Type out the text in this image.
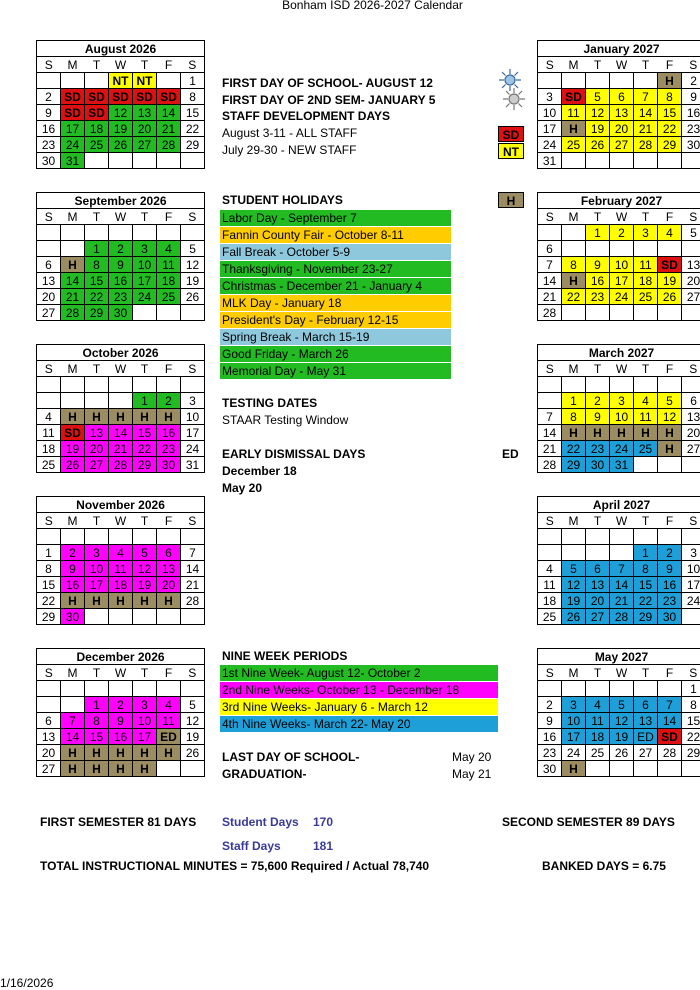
Bonham ISD 2026-2027 Calendar
August 2026						
S	M	T	W	T	F	S
			NT	NT		1
2	SD	SD	SD	SD	SD	8
9	SD	SD	12	13	14	15
16	17	18	19	20	21	22
23	24	25	26	27	28	29
30	31					
September 2026						
S	M	T	W	T	F	S

		1	2	3	4	5
6	H	8	9	10	11	12
13	14	15	16	17	18	19
20	21	22	23	24	25	26
27	28	29	30			
October 2026						
S	M	T	W	T	F	S

				1	2	3
4	H	H	H	H	H	10
11	SD	13	14	15	16	17
18	19	20	21	22	23	24
25	26	27	28	29	30	31
November 2026						
S	M	T	W	T	F	S

1	2	3	4	5	6	7
8	9	10	11	12	13	14
15	16	17	18	19	20	21
22	H	H	H	H	H	28
29	30					
December 2026						
S	M	T	W	T	F	S

		1	2	3	4	5
6	7	8	9	10	11	12
13	14	15	16	17	ED	19
20	H	H	H	H	H	26
27	H	H	H	H		
January 2027						
S	M	T	W	T	F	S
					H	2
3	SD	5	6	7	8	9
10	11	12	13	14	15	16
17	H	19	20	21	22	23
24	25	26	27	28	29	30
31						
February 2027						
S	M	T	W	T	F	S
		1	2	3	4	5
6						
7	8	9	10	11	SD	13
14	H	16	17	18	19	20
21	22	23	24	25	26	27
28						
March 2027						
S	M	T	W	T	F	S

	1	2	3	4	5	6
7	8	9	10	11	12	13
14	H	H	H	H	H	20
21	22	23	24	25	H	27
28	29	30	31			
April 2027						
S	M	T	W	T	F	S

				1	2	3
4	5	6	7	8	9	10
11	12	13	14	15	16	17
18	19	20	21	22	23	24
25	26	27	28	29	30	
May 2027						
S	M	T	W	T	F	S
						1
2	3	4	5	6	7	8
9	10	11	12	13	14	15
16	17	18	19	ED	SD	22
23	24	25	26	27	28	29
30	H					
FIRST DAY OF SCHOOL- AUGUST 12
FIRST DAY OF 2ND SEM- JANUARY 5
STAFF DEVELOPMENT DAYS
August 3-11 - ALL STAFF
July 29-30 - NEW STAFF
SD
NT
STUDENT HOLIDAYS	H
Labor Day - September 7
Fannin County Fair - October 8-11
Fall Break - October 5-9
Thanksgiving - November 23-27
Christmas - December 21 - January 4
MLK Day - January 18
President's Day - February 12-15
Spring Break - March 15-19
Good Friday - March 26
Memorial Day - May 31
TESTING DATES
STAAR Testing Window
EARLY DISMISSAL DAYS	ED
December 18
May 20
NINE WEEK PERIODS
1st Nine Week- August 12- October 2
2nd Nine Weeks- October 13 - December 18
3rd Nine Weeks- January 6 - March 12
4th Nine Weeks- March 22- May 20
LAST DAY OF SCHOOL-	May 20
GRADUATION-	May 21
FIRST SEMESTER 81 DAYS Student Days 170	SECOND SEMESTER 89 DAYS
Staff Days	181
TOTAL INSTRUCTIONAL MINUTES = 75,600 Required / Actual 78,740	BANKED DAYS = 6.75
1/16/2026
